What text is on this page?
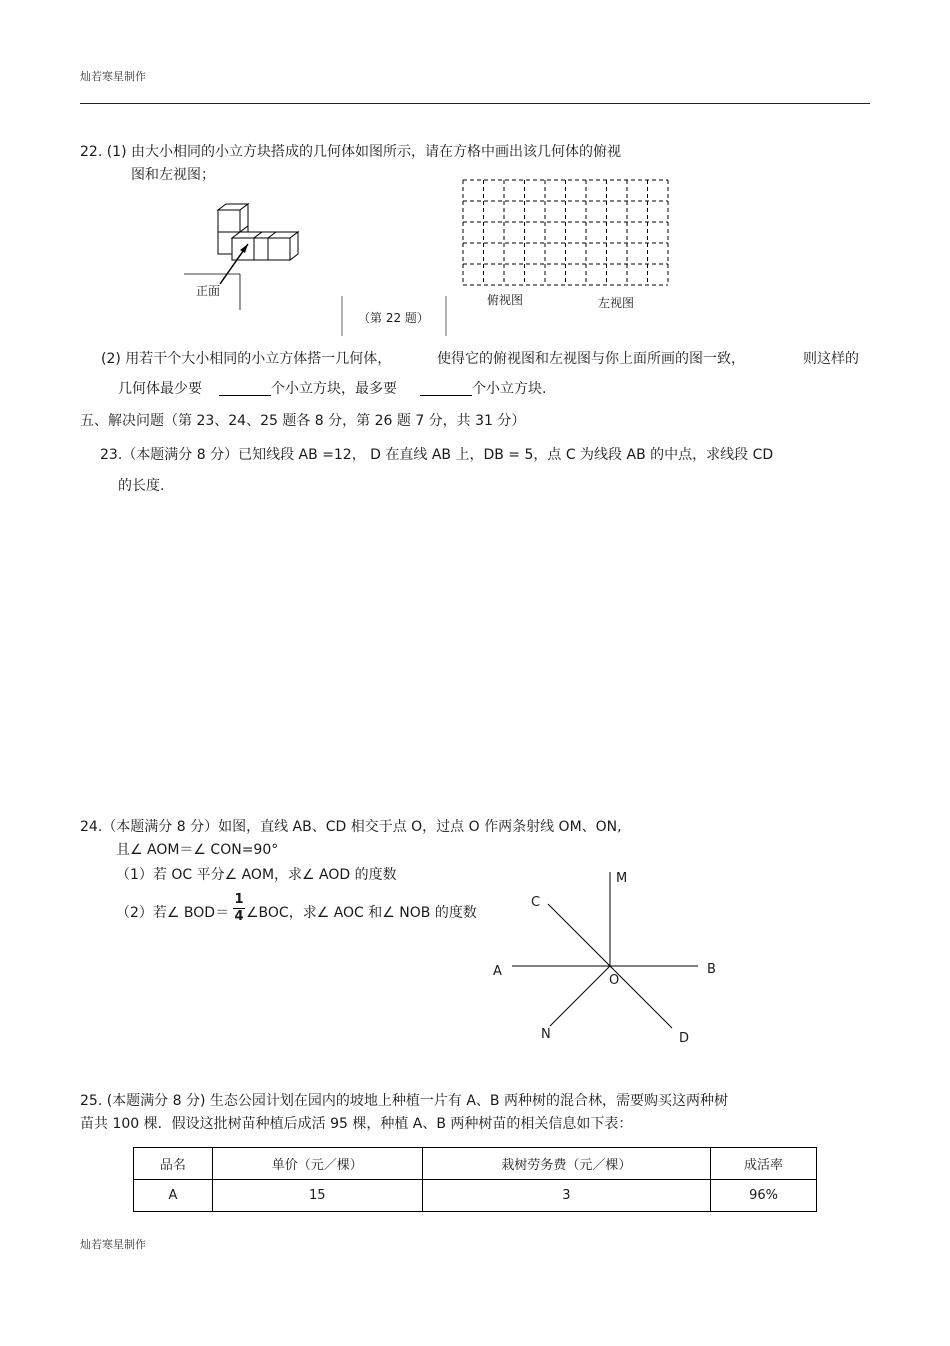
灿若寒星制作
22. (1) 由大小相同的小立方块搭成的几何体如图所示，请在方格中画出该几何体的俯视
图和左视图；
正面
（第 22 题）
俯视图	左视图
(2) 用若干个大小相同的小立方体搭一几何体，	使得它的俯视图和左视图与你上面所画的图一致，	则这样的
几何体最少要	个小立方块，最多要	个小立方块.
五、解决问题（第 23、24、25 题各 8 分，第 26 题 7 分，共 31 分）
23.（本题满分 8 分）已知线段 AB =12， D 在直线 AB 上，DB = 5，点 C 为线段 AB 的中点，求线段 CD
的长度.
24.（本题满分 8 分）如图，直线 AB、CD 相交于点 O，过点 O 作两条射线 OM、ON,
且∠ AOM＝∠ CON=90°
（1）若 OC 平分∠ AOM，求∠ AOD 的度数
（2）若∠ BOD＝
1
4 ∠BOC，求∠ AOC 和∠ NOB 的度数
M
C
A	B
O
N	D
25. (本题满分 8 分) 生态公园计划在园内的坡地上种植一片有 A、B 两种树的混合林，需要购买这两种树
苗共 100 棵．假设这批树苗种植后成活 95 棵，种植 A、B 两种树苗的相关信息如下表：
品名	单价（元／棵）	栽树劳务费（元／棵）	成活率
A	15	3	96%
灿若寒星制作
